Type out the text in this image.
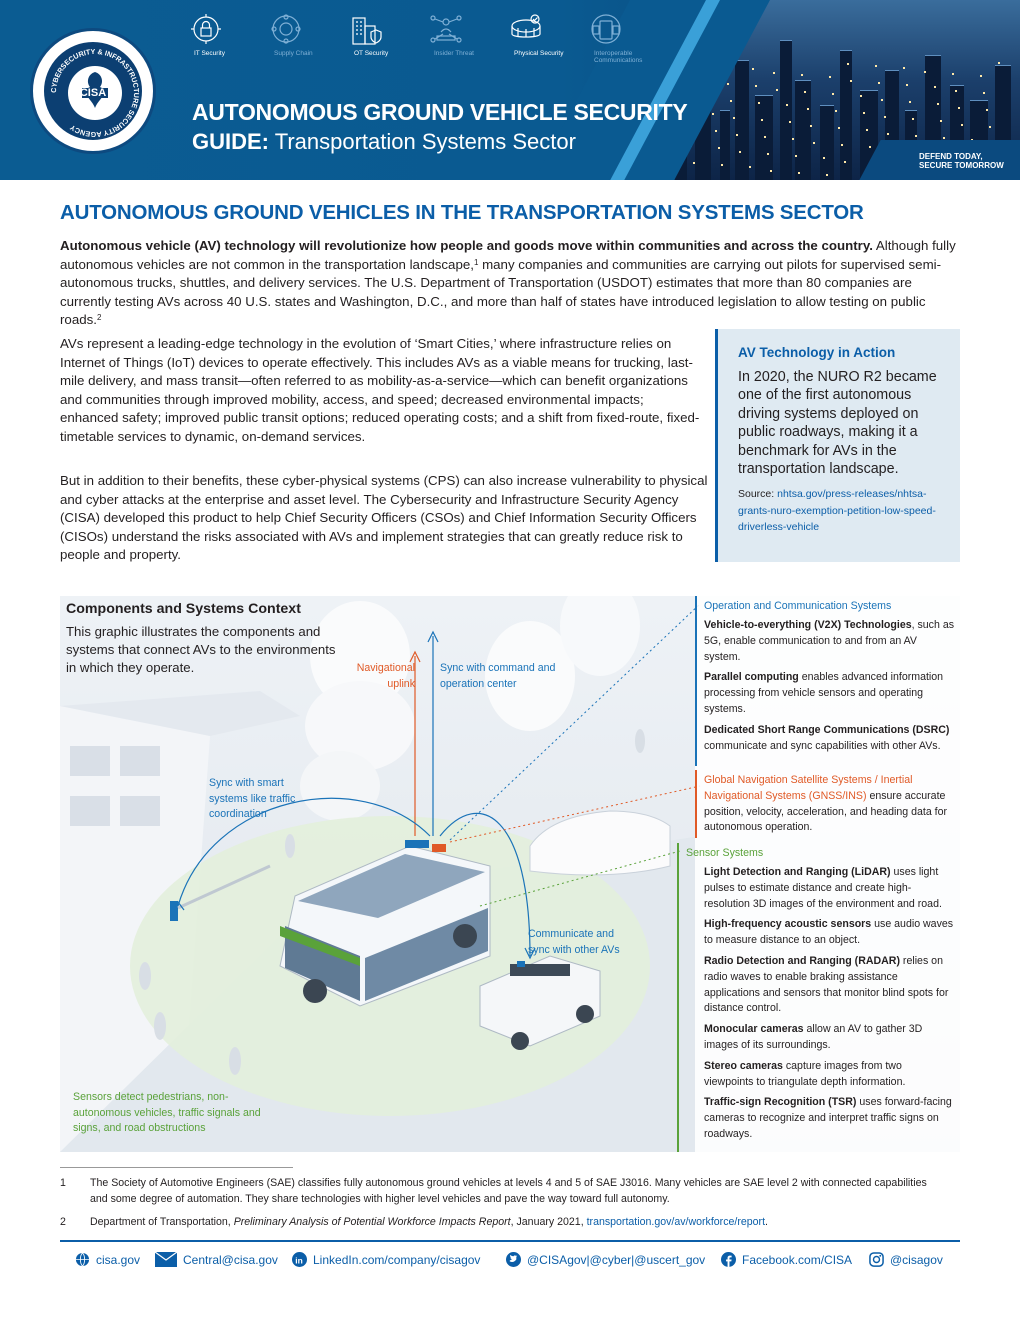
DEFEND TODAY,
SECURE TOMORROW
CYBERSECURITY & INFRASTRUCTURE SECURITY AGENCY
CISA
IT Security	Supply Chain	OT Security	Insider Threat	Physical Security	Interoperable Communications
AUTONOMOUS GROUND VEHICLE SECURITY
GUIDE: Transportation Systems Sector
AUTONOMOUS GROUND VEHICLES IN THE TRANSPORTATION SYSTEMS SECTOR
Autonomous vehicle (AV) technology will revolutionize how people and goods move within communities and across the country. Although fully autonomous vehicles are not common in the transportation landscape,$^1$ many companies and communities are carrying out pilots for supervised semi-autonomous trucks, shuttles, and delivery services. The U.S. Department of Transportation (USDOT) estimates that more than 80 companies are currently testing AVs across 40 U.S. states and Washington, D.C., and more than half of states have introduced legislation to allow testing on public roads.$^2$
AVs represent a leading-edge technology in the evolution of ‘Smart Cities,’ where infrastructure relies on Internet of Things (IoT) devices to operate effectively. This includes AVs as a viable means for trucking, last-mile delivery, and mass transit—often referred to as mobility-as-a-service—which can benefit organizations and communities through improved mobility, access, and speed; decreased environmental impacts; enhanced safety; improved public transit options; reduced operating costs; and a shift from fixed-route, fixed-timetable services to dynamic, on-demand services.
But in addition to their benefits, these cyber-physical systems (CPS) can also increase vulnerability to physical and cyber attacks at the enterprise and asset level. The Cybersecurity and Infrastructure Security Agency (CISA) developed this product to help Chief Security Officers (CSOs) and Chief Information Security Officers (CISOs) understand the risks associated with AVs and implement strategies that can greatly reduce risk to people and property.
AV Technology in Action
In 2020, the NURO R2 became one of the first autonomous driving systems deployed on public roadways, making it a benchmark for AVs in the transportation landscape.
Source: nhtsa.gov/press-releases/nhtsa-grants-nuro-exemption-petition-low-speed-driverless-vehicle
Components and Systems Context
This graphic illustrates the components and systems that connect AVs to the environments in which they operate.	Navigational uplink
Sync with command and operation center
Sync with smart systems like traffic coordination
Communicate and sync with other AVs
Sensors detect pedestrians, non-autonomous vehicles, traffic signals and signs, and road obstructions
Operation and Communication Systems
Vehicle-to-everything (V2X) Technologies, such as 5G, enable communication to and from an AV system.
Parallel computing enables advanced information processing from vehicle sensors and operating systems.
Dedicated Short Range Communications (DSRC) communicate and sync capabilities with other AVs.
Global Navigation Satellite Systems / Inertial Navigational Systems (GNSS/INS) ensure accurate position, velocity, acceleration, and heading data for autonomous operation.
Sensor Systems
Light Detection and Ranging (LiDAR) uses light pulses to estimate distance and create high-resolution 3D images of the environment and road.
High-frequency acoustic sensors use audio waves to measure distance to an object.
Radio Detection and Ranging (RADAR) relies on radio waves to enable braking assistance applications and sensors that monitor blind spots for distance control.
Monocular cameras allow an AV to gather 3D images of its surroundings.
Stereo cameras capture images from two viewpoints to triangulate depth information.
Traffic-sign Recognition (TSR) uses forward-facing cameras to recognize and interpret traffic signs on roadways.
1 The Society of Automotive Engineers (SAE) classifies fully autonomous ground vehicles at levels 4 and 5 of SAE J3016. Many vehicles are SAE level 2 with connected capabilities and some degree of automation. They share technologies with higher level vehicles and pave the way toward full autonomy.
2 Department of Transportation, Preliminary Analysis of Potential Workforce Impacts Report, January 2021, transportation.gov/av/workforce/report.
cisa.gov	Central@cisa.gov in LinkedIn.com/company/cisagov	@CISAgov|@cyber|@uscert_gov	Facebook.com/CISA	@cisagov
